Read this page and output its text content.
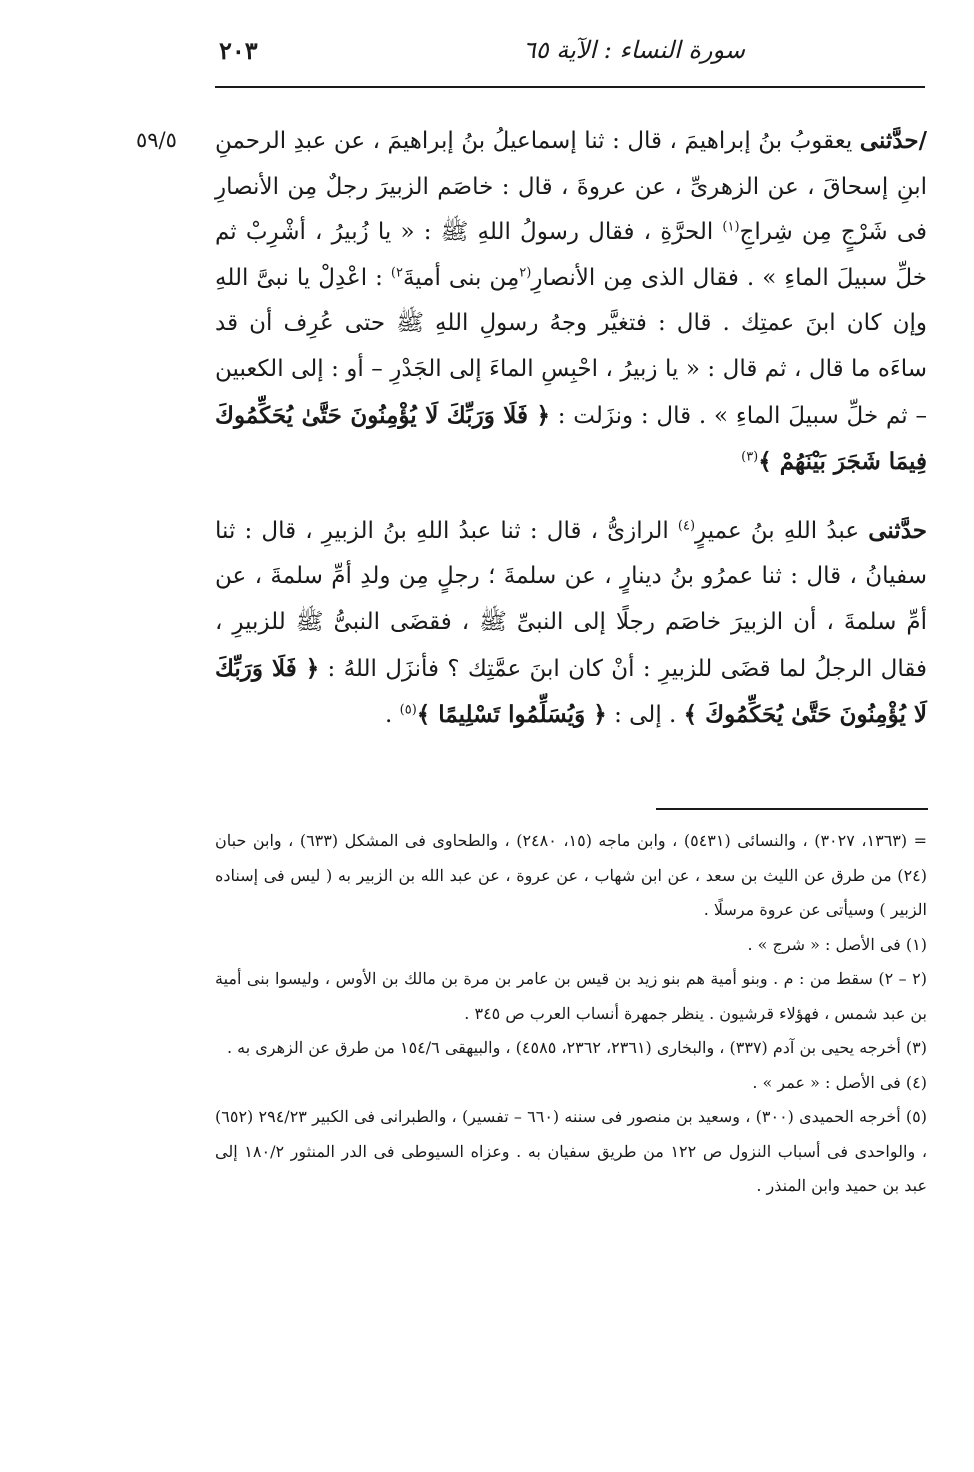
سورة النساء : الآية ٦٥
٢٠٣
٥٩/٥	/حدَّثنى يعقوبُ بنُ إبراهيمَ ، قال : ثنا إسماعيلُ بنُ إبراهيمَ ، عن عبدِ الرحمنِ ابنِ إسحاقَ ، عن الزهرىِّ ، عن عروةَ ، قال : خاصَم الزبيرَ رجلٌ مِن الأنصارِ فى شَرْجٍ مِن شِراجِ$^{(١)}$ الحرَّةِ ، فقال رسولُ اللهِ ﷺ : « يا زُبيرُ ، أشْرِبْ ثم خلِّ سبيلَ الماءِ » . فقال الذى مِن الأنصارِ$^{(٢}$مِن بنى أميةَ$^{٢)}$ : اعْدِلْ يا نبىَّ اللهِ وإن كان ابنَ عمتِك . قال : فتغيَّر وجهُ رسولِ اللهِ ﷺ حتى عُرِف أن قد ساءَه ما قال ، ثم قال : « يا زبيرُ ، احْبِسِ الماءَ إلى الجَدْرِ – أو : إلى الكعبين – ثم خلِّ سبيلَ الماءِ » . قال : ونزَلت : ﴿ فَلَا وَرَبِّكَ لَا يُؤْمِنُونَ حَتَّىٰ يُحَكِّمُوكَ فِيمَا شَجَرَ بَيْنَهُمْ ﴾$^{(٣)}$

حدَّثنى عبدُ اللهِ بنُ عميرٍ$^{(٤)}$ الرازىُّ ، قال : ثنا عبدُ اللهِ بنُ الزبيرِ ، قال : ثنا سفيانُ ، قال : ثنا عمرُو بنُ دينارٍ ، عن سلمةَ ؛ رجلٍ مِن ولدِ أمِّ سلمةَ ، عن أمِّ سلمةَ ، أن الزبيرَ خاصَم رجلًا إلى النبىِّ ﷺ ، فقضَى النبىُّ ﷺ للزبيرِ ، فقال الرجلُ لما قضَى للزبيرِ : أنْ كان ابنَ عمَّتِك ؟ فأنزَل اللهُ : ﴿ فَلَا وَرَبِّكَ لَا يُؤْمِنُونَ حَتَّىٰ يُحَكِّمُوكَ ﴾ . إلى : ﴿ وَيُسَلِّمُوا تَسْلِيمًا ﴾$^{(٥)}$ .

= (١٣٦٣، ٣٠٢٧) ، والنسائى (٥٤٣١) ، وابن ماجه (١٥، ٢٤٨٠) ، والطحاوى فى المشكل (٦٣٣) ، وابن حبان (٢٤) من طرق عن الليث بن سعد ، عن ابن شهاب ، عن عروة ، عن عبد الله بن الزبير به ( ليس فى إسناده الزبير ) وسيأتى عن عروة مرسلًا .

(١) فى الأصل : « شرج » .

(٢ – ٢) سقط من : م . وبنو أمية هم بنو زيد بن قيس بن عامر بن مرة بن مالك بن الأوس ، وليسوا بنى أمية بن عبد شمس ، فهؤلاء قرشيون . ينظر جمهرة أنساب العرب ص ٣٤٥ .

(٣) أخرجه يحيى بن آدم (٣٣٧) ، والبخارى (٢٣٦١، ٢٣٦٢، ٤٥٨٥) ، والبيهقى ١٥٤/٦ من طرق عن الزهرى به .

(٤) فى الأصل : « عمر » .

(٥) أخرجه الحميدى (٣٠٠) ، وسعيد بن منصور فى سننه (٦٦٠ – تفسير) ، والطبرانى فى الكبير ٢٩٤/٢٣ (٦٥٢) ، والواحدى فى أسباب النزول ص ١٢٢ من طريق سفيان به . وعزاه السيوطى فى الدر المنثور ١٨٠/٢ إلى عبد بن حميد وابن المنذر .
